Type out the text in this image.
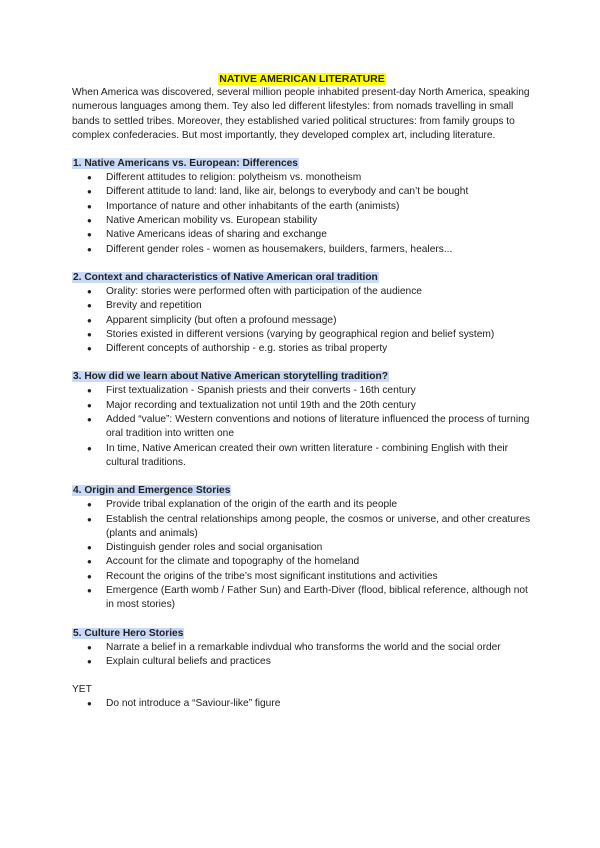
NATIVE AMERICAN LITERATURE

When America was discovered, several million people inhabited present-day North America, speaking numerous languages among them. Tey also led different lifestyles: from nomads travelling in small bands to settled tribes. Moreover, they established varied political structures: from family groups to complex confederacies. But most importantly, they developed complex art, including literature.

1. Native Americans vs. European: Differences
● Different attitudes to religion: polytheism vs. monotheism
● Different attitude to land: land, like air, belongs to everybody and can’t be bought
● Importance of nature and other inhabitants of the earth (animists)
● Native American mobility vs. European stability
● Native Americans ideas of sharing and exchange
● Different gender roles - women as housemakers, builders, farmers, healers...
2. Context and characteristics of Native American oral tradition
● Orality: stories were performed often with participation of the audience
● Brevity and repetition
● Apparent simplicity (but often a profound message)
● Stories existed in different versions (varying by geographical region and belief system)
● Different concepts of authorship - e.g. stories as tribal property
3. How did we learn about Native American storytelling tradition?
● First textualization - Spanish priests and their converts - 16th century
● Major recording and textualization not until 19th and the 20th century
● Added “value”: Western conventions and notions of literature influenced the process of turning oral tradition into written one
● In time, Native American created their own written literature - combining English with their cultural traditions.
4. Origin and Emergence Stories
● Provide tribal explanation of the origin of the earth and its people
● Establish the central relationships among people, the cosmos or universe, and other creatures (plants and animals)
● Distinguish gender roles and social organisation
● Account for the climate and topography of the homeland
● Recount the origins of the tribe’s most significant institutions and activities
● Emergence (Earth womb / Father Sun) and Earth-Diver (flood, biblical reference, although not in most stories)
5. Culture Hero Stories
● Narrate a belief in a remarkable indivdual who transforms the world and the social order
● Explain cultural beliefs and practices
YET
● Do not introduce a “Saviour-like” figure
